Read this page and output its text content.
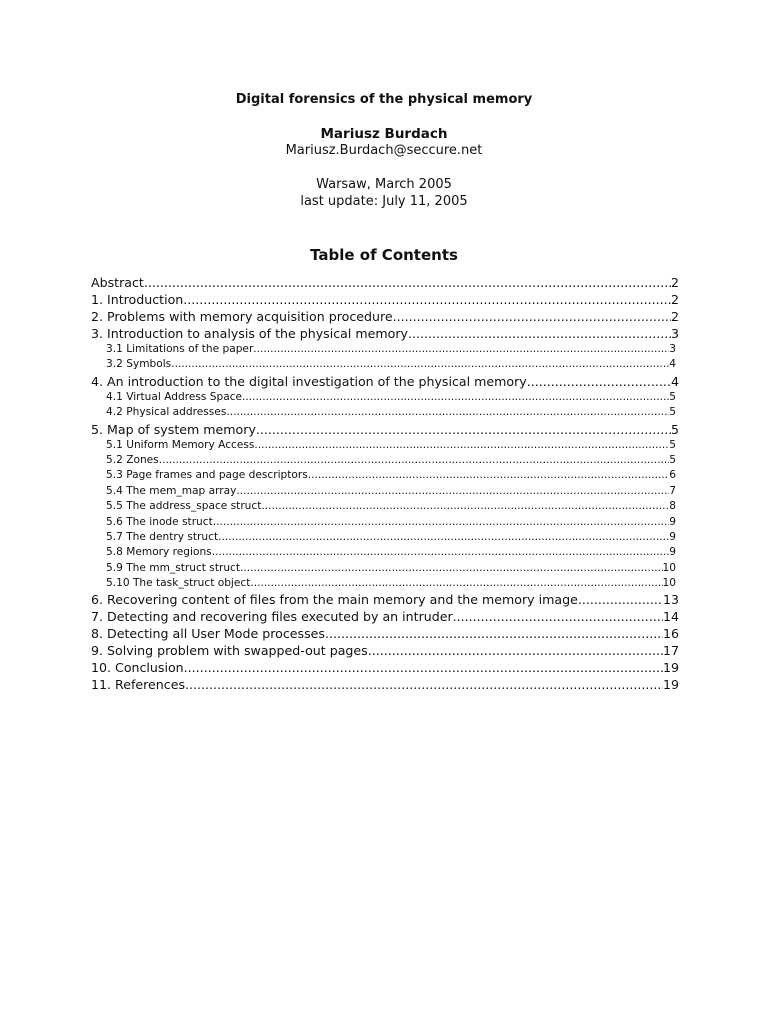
Digital forensics of the physical memory
Mariusz Burdach
Mariusz.Burdach@seccure.net
Warsaw, March 2005
last update: July 11, 2005
Table of Contents
Abstract .....	2
1. Introduction .....	2
2. Problems with memory acquisition procedure .....	2
3. Introduction to analysis of the physical memory .....	3
3.1 Limitations of the paper .....	3
3.2 Symbols .....	4
4. An introduction to the digital investigation of the physical memory .....	4
4.1 Virtual Address Space .....	5
4.2 Physical addresses .....	5
5. Map of system memory .....	5
5.1 Uniform Memory Access .....	5
5.2 Zones .....	5
5.3 Page frames and page descriptors .....	6
5.4 The mem_map array .....	7
5.5 The address_space struct .....	8
5.6 The inode struct .....	9
5.7 The dentry struct .....	9
5.8 Memory regions .....	9
5.9 The mm_struct struct .....	10
5.10 The task_struct object .....	10
6. Recovering content of files from the main memory and the memory image .....	13
7. Detecting and recovering files executed by an intruder .....	14
8. Detecting all User Mode processes .....	16
9. Solving problem with swapped-out pages .....	17
10. Conclusion .....	19
11. References .....	19
